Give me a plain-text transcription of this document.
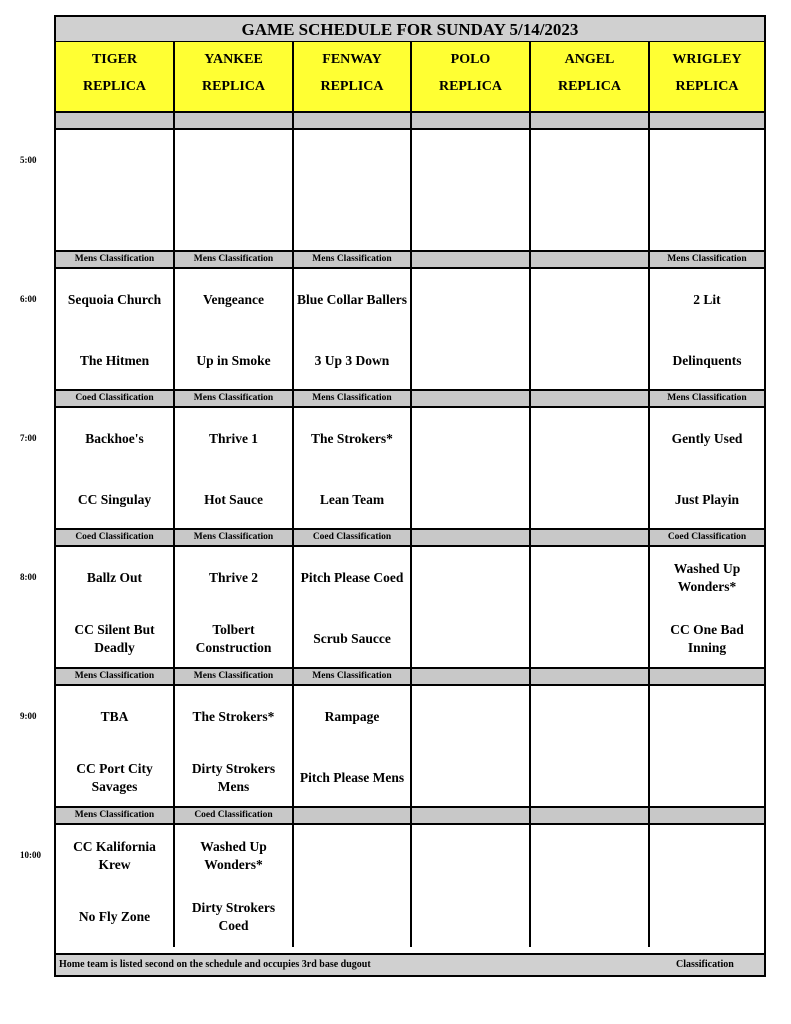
GAME SCHEDULE FOR SUNDAY 5/14/2023
TIGER
REPLICA
YANKEE
REPLICA
FENWAY
REPLICA
POLO
REPLICA
ANGEL
REPLICA
WRIGLEY
REPLICA
Mens Classification
Sequoia Church
The Hitmen
Mens Classification
Vengeance
Up in Smoke
Mens Classification
Blue Collar Ballers
3 Up 3 Down
Mens Classification
2 Lit
Delinquents
Coed Classification
Backhoe's
CC Singulay
Mens Classification
Thrive 1
Hot Sauce
Mens Classification
The Strokers*
Lean Team
Mens Classification
Gently Used
Just Playin
Coed Classification
Ballz Out
CC Silent But Deadly
Mens Classification
Thrive 2
Tolbert Construction
Coed Classification
Pitch Please Coed
Scrub Saucce
Coed Classification
Washed Up Wonders*
CC One Bad Inning
Mens Classification
TBA
CC Port City Savages
Mens Classification
The Strokers*
Dirty Strokers Mens
Mens Classification
Rampage
Pitch Please Mens
Mens Classification
CC Kalifornia Krew
No Fly Zone
Coed Classification
Washed Up Wonders*
Dirty Strokers Coed
Home team is listed second on the schedule and occupies 3rd base dugout	Classification
5:00
6:00
7:00
8:00
9:00
10:00
